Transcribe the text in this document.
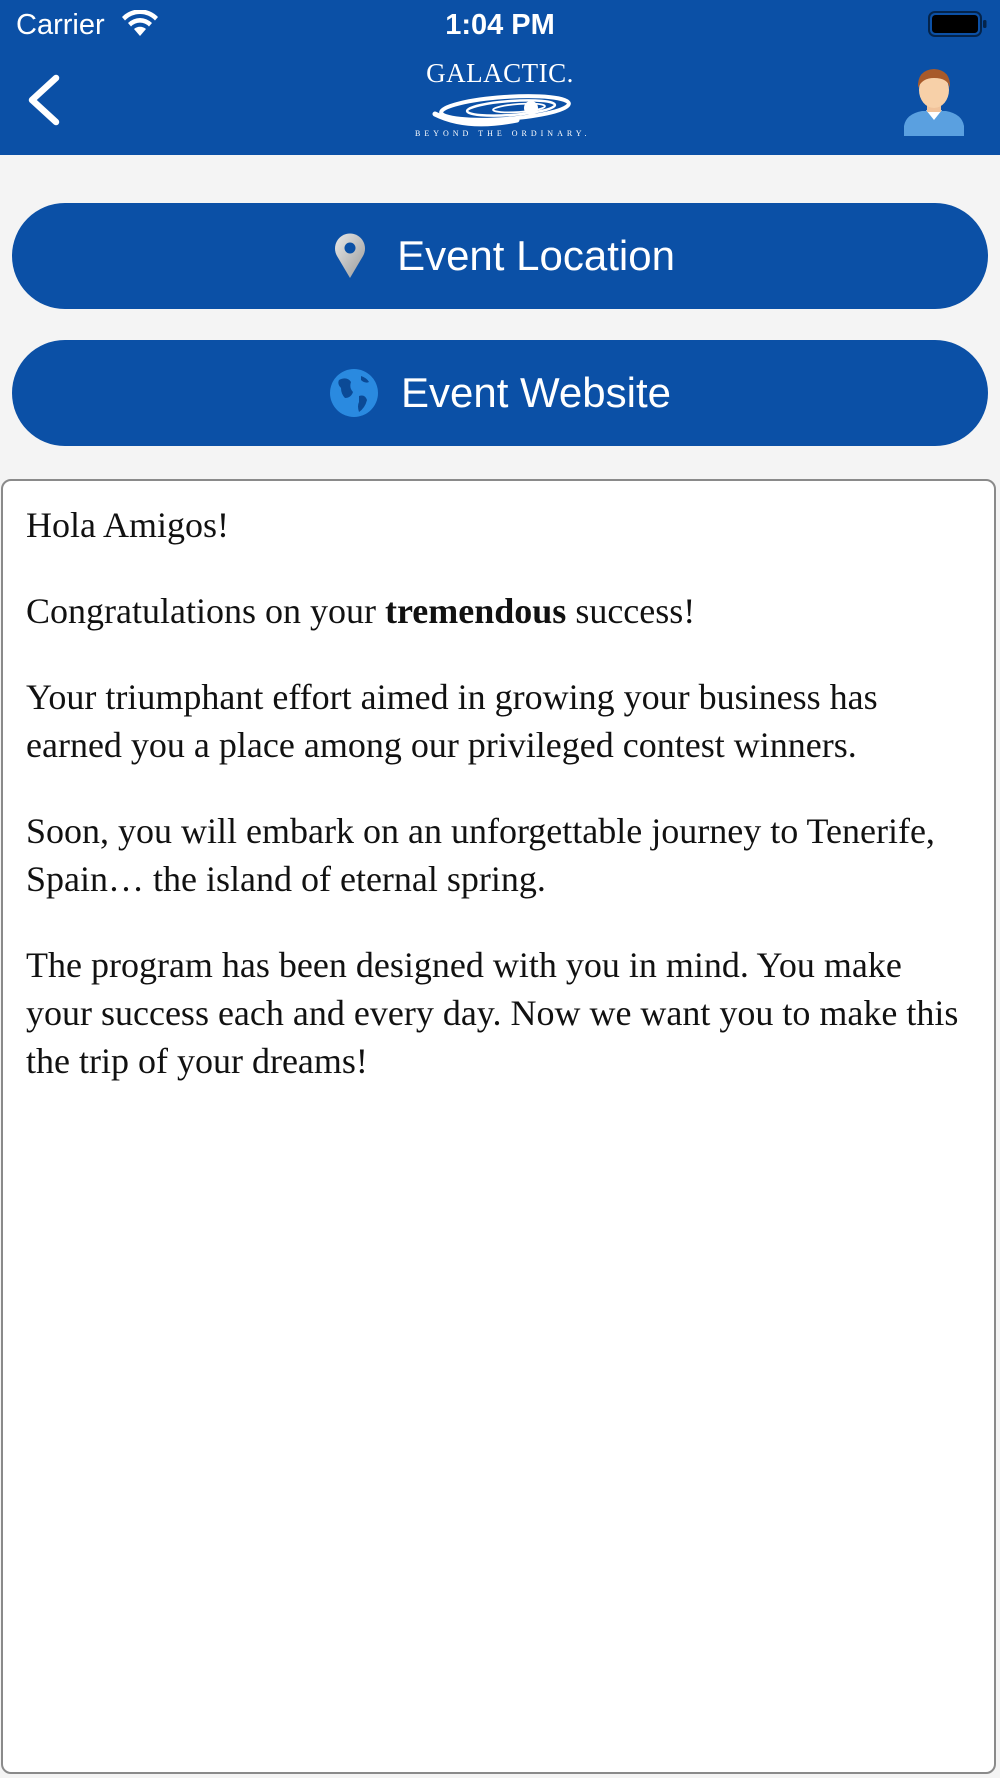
Carrier	1:04 PM
GALACTIC.
BEYOND THE ORDINARY.
Event Location
Event Website

Hola Amigos!

Congratulations on your tremendous success!

Your triumphant effort aimed in growing your business has earned you a place among our privileged contest winners.

Soon, you will embark on an unforgettable journey to Tenerife, Spain… the island of eternal spring.

The program has been designed with you in mind. You make your success each and every day. Now we want you to make this the trip of your dreams!
